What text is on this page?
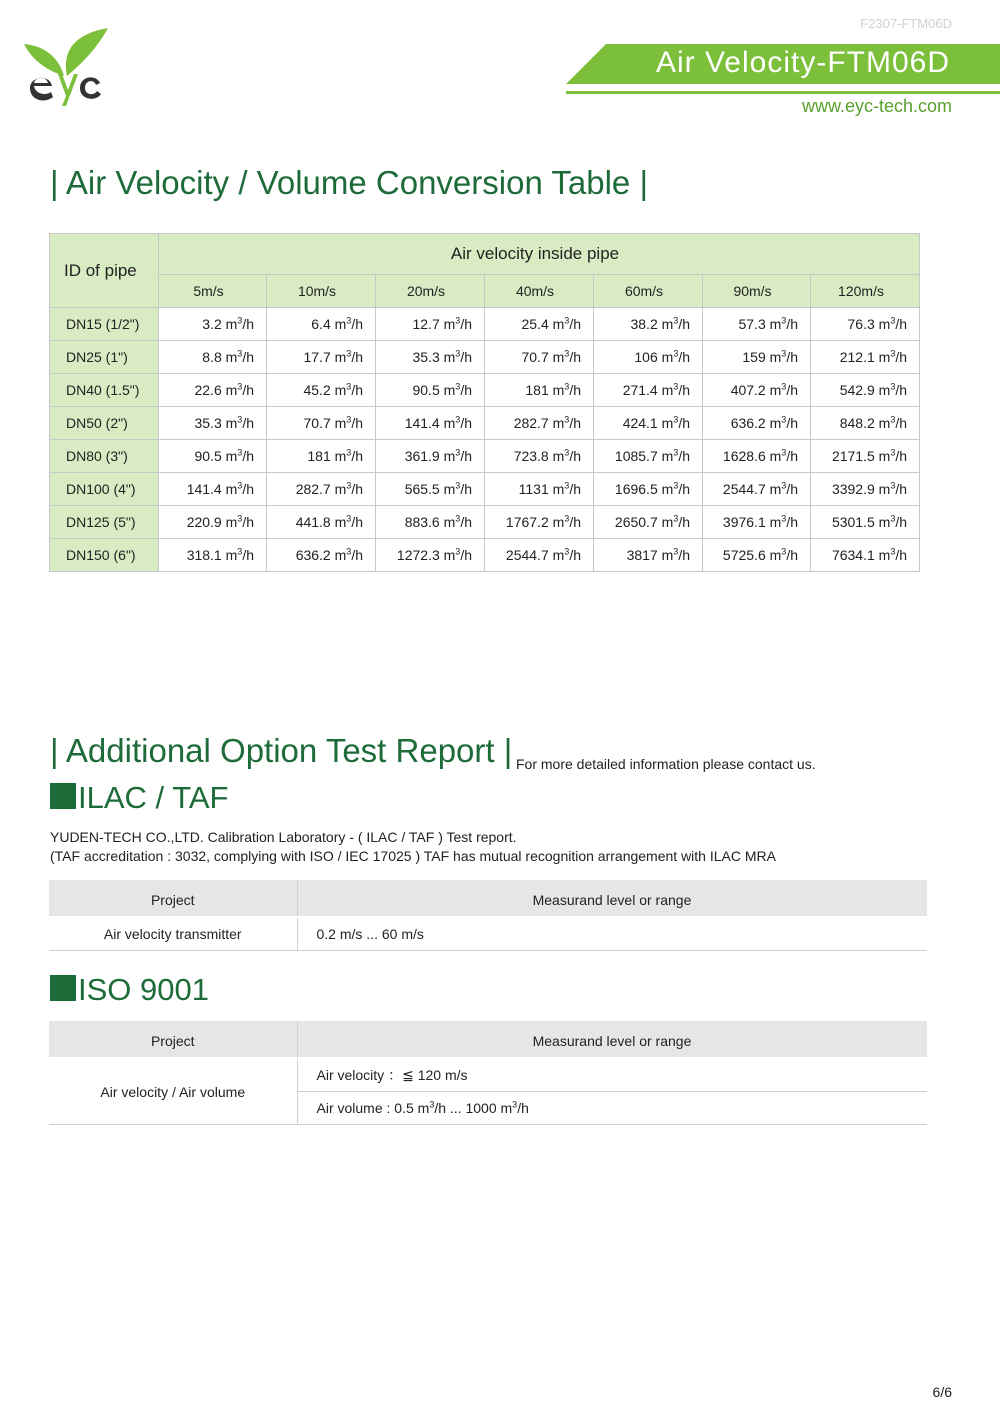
F2307-FTM06D
Air Velocity-FTM06D
www.eyc-tech.com
| Air Velocity / Volume Conversion Table |
ID of pipe	Air velocity inside pipe						
	5m/s	10m/s	20m/s	40m/s	60m/s	90m/s	120m/s
DN15 (1/2")	3.2 $m^3/h$	6.4 $m^3/h$	12.7 $m^3/h$	25.4 $m^3/h$	38.2 $m^3/h$	57.3 $m^3/h$	76.3 $m^3/h$
DN25 (1")	8.8 $m^3/h$	17.7 $m^3/h$	35.3 $m^3/h$	70.7 $m^3/h$	106 $m^3/h$	159 $m^3/h$	212.1 $m^3/h$
DN40 (1.5")	22.6 $m^3/h$	45.2 $m^3/h$	90.5 $m^3/h$	181 $m^3/h$	271.4 $m^3/h$	407.2 $m^3/h$	542.9 $m^3/h$
DN50 (2")	35.3 $m^3/h$	70.7 $m^3/h$	141.4 $m^3/h$	282.7 $m^3/h$	424.1 $m^3/h$	636.2 $m^3/h$	848.2 $m^3/h$
DN80 (3")	90.5 $m^3/h$	181 $m^3/h$	361.9 $m^3/h$	723.8 $m^3/h$	1085.7 $m^3/h$	1628.6 $m^3/h$	2171.5 $m^3/h$
DN100 (4")	141.4 $m^3/h$	282.7 $m^3/h$	565.5 $m^3/h$	1131 $m^3/h$	1696.5 $m^3/h$	2544.7 $m^3/h$	3392.9 $m^3/h$
DN125 (5")	220.9 $m^3/h$	441.8 $m^3/h$	883.6 $m^3/h$	1767.2 $m^3/h$	2650.7 $m^3/h$	3976.1 $m^3/h$	5301.5 $m^3/h$
DN150 (6")	318.1 $m^3/h$	636.2 $m^3/h$	1272.3 $m^3/h$	2544.7 $m^3/h$	3817 $m^3/h$	5725.6 $m^3/h$	7634.1 $m^3/h$
| Additional Option Test Report | For more detailed information please contact us.
ILAC / TAF
YUDEN-TECH CO.,LTD. Calibration Laboratory - ( ILAC / TAF ) Test report.
(TAF accreditation : 3032, complying with ISO / IEC 17025 ) TAF has mutual recognition arrangement with ILAC MRA
Project	Measurand level or range
Air velocity transmitter	0.2 m/s ... 60 m/s
ISO 9001
Project	Measurand level or range
Air velocity / Air volume	Air velocity ：≦ 120 m/s
	Air volume : 0.5 $m^3/h$ ... 1000 $m^3/h$
6/6
